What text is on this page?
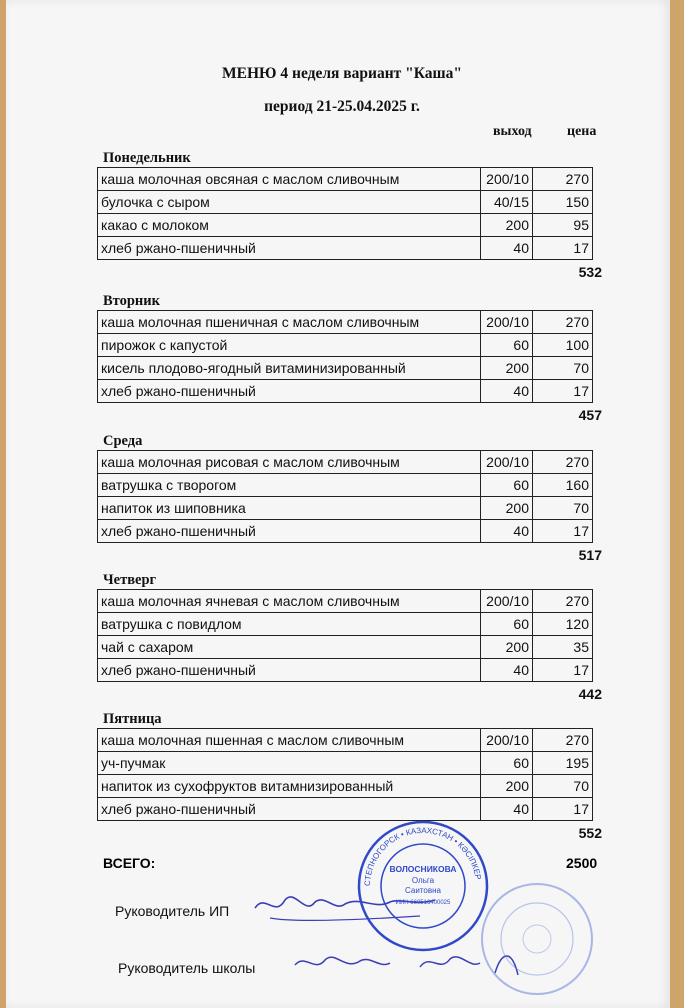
МЕНЮ 4 неделя вариант "Каша"
период 21-25.04.2025 г.
выход	цена
Понедельник
каша молочная овсяная с маслом сливочным	200/10	270
булочка с сыром	40/15	150
какао с молоком	200	95
хлеб ржано-пшеничный	40	17
532
Вторник
каша молочная пшеничная с маслом сливочным	200/10	270
пирожок с капустой	60	100
кисель плодово-ягодный витаминизированный	200	70
хлеб ржано-пшеничный	40	17
457
Среда
каша молочная рисовая с маслом сливочным	200/10	270
ватрушка с творогом	60	160
напиток из шиповника	200	70
хлеб ржано-пшеничный	40	17
517
Четверг
каша молочная ячневая с маслом сливочным	200/10	270
ватрушка с повидлом	60	120
чай с сахаром	200	35
хлеб ржано-пшеничный	40	17
442
Пятница
каша молочная пшенная с маслом сливочным	200/10	270
уч-пучмак	60	195
напиток из сухофруктов витамнизированный	200	70
хлеб ржано-пшеничный	40	17
552
ВСЕГО:	2500
Руководитель ИП
Руководитель школы
СТЕПНОГОРСК • КАЗАХСТАН • КӘСІПКЕР
ВОЛОСНИКОВА
Ольга
Саитовна
ИИН 660516400025
